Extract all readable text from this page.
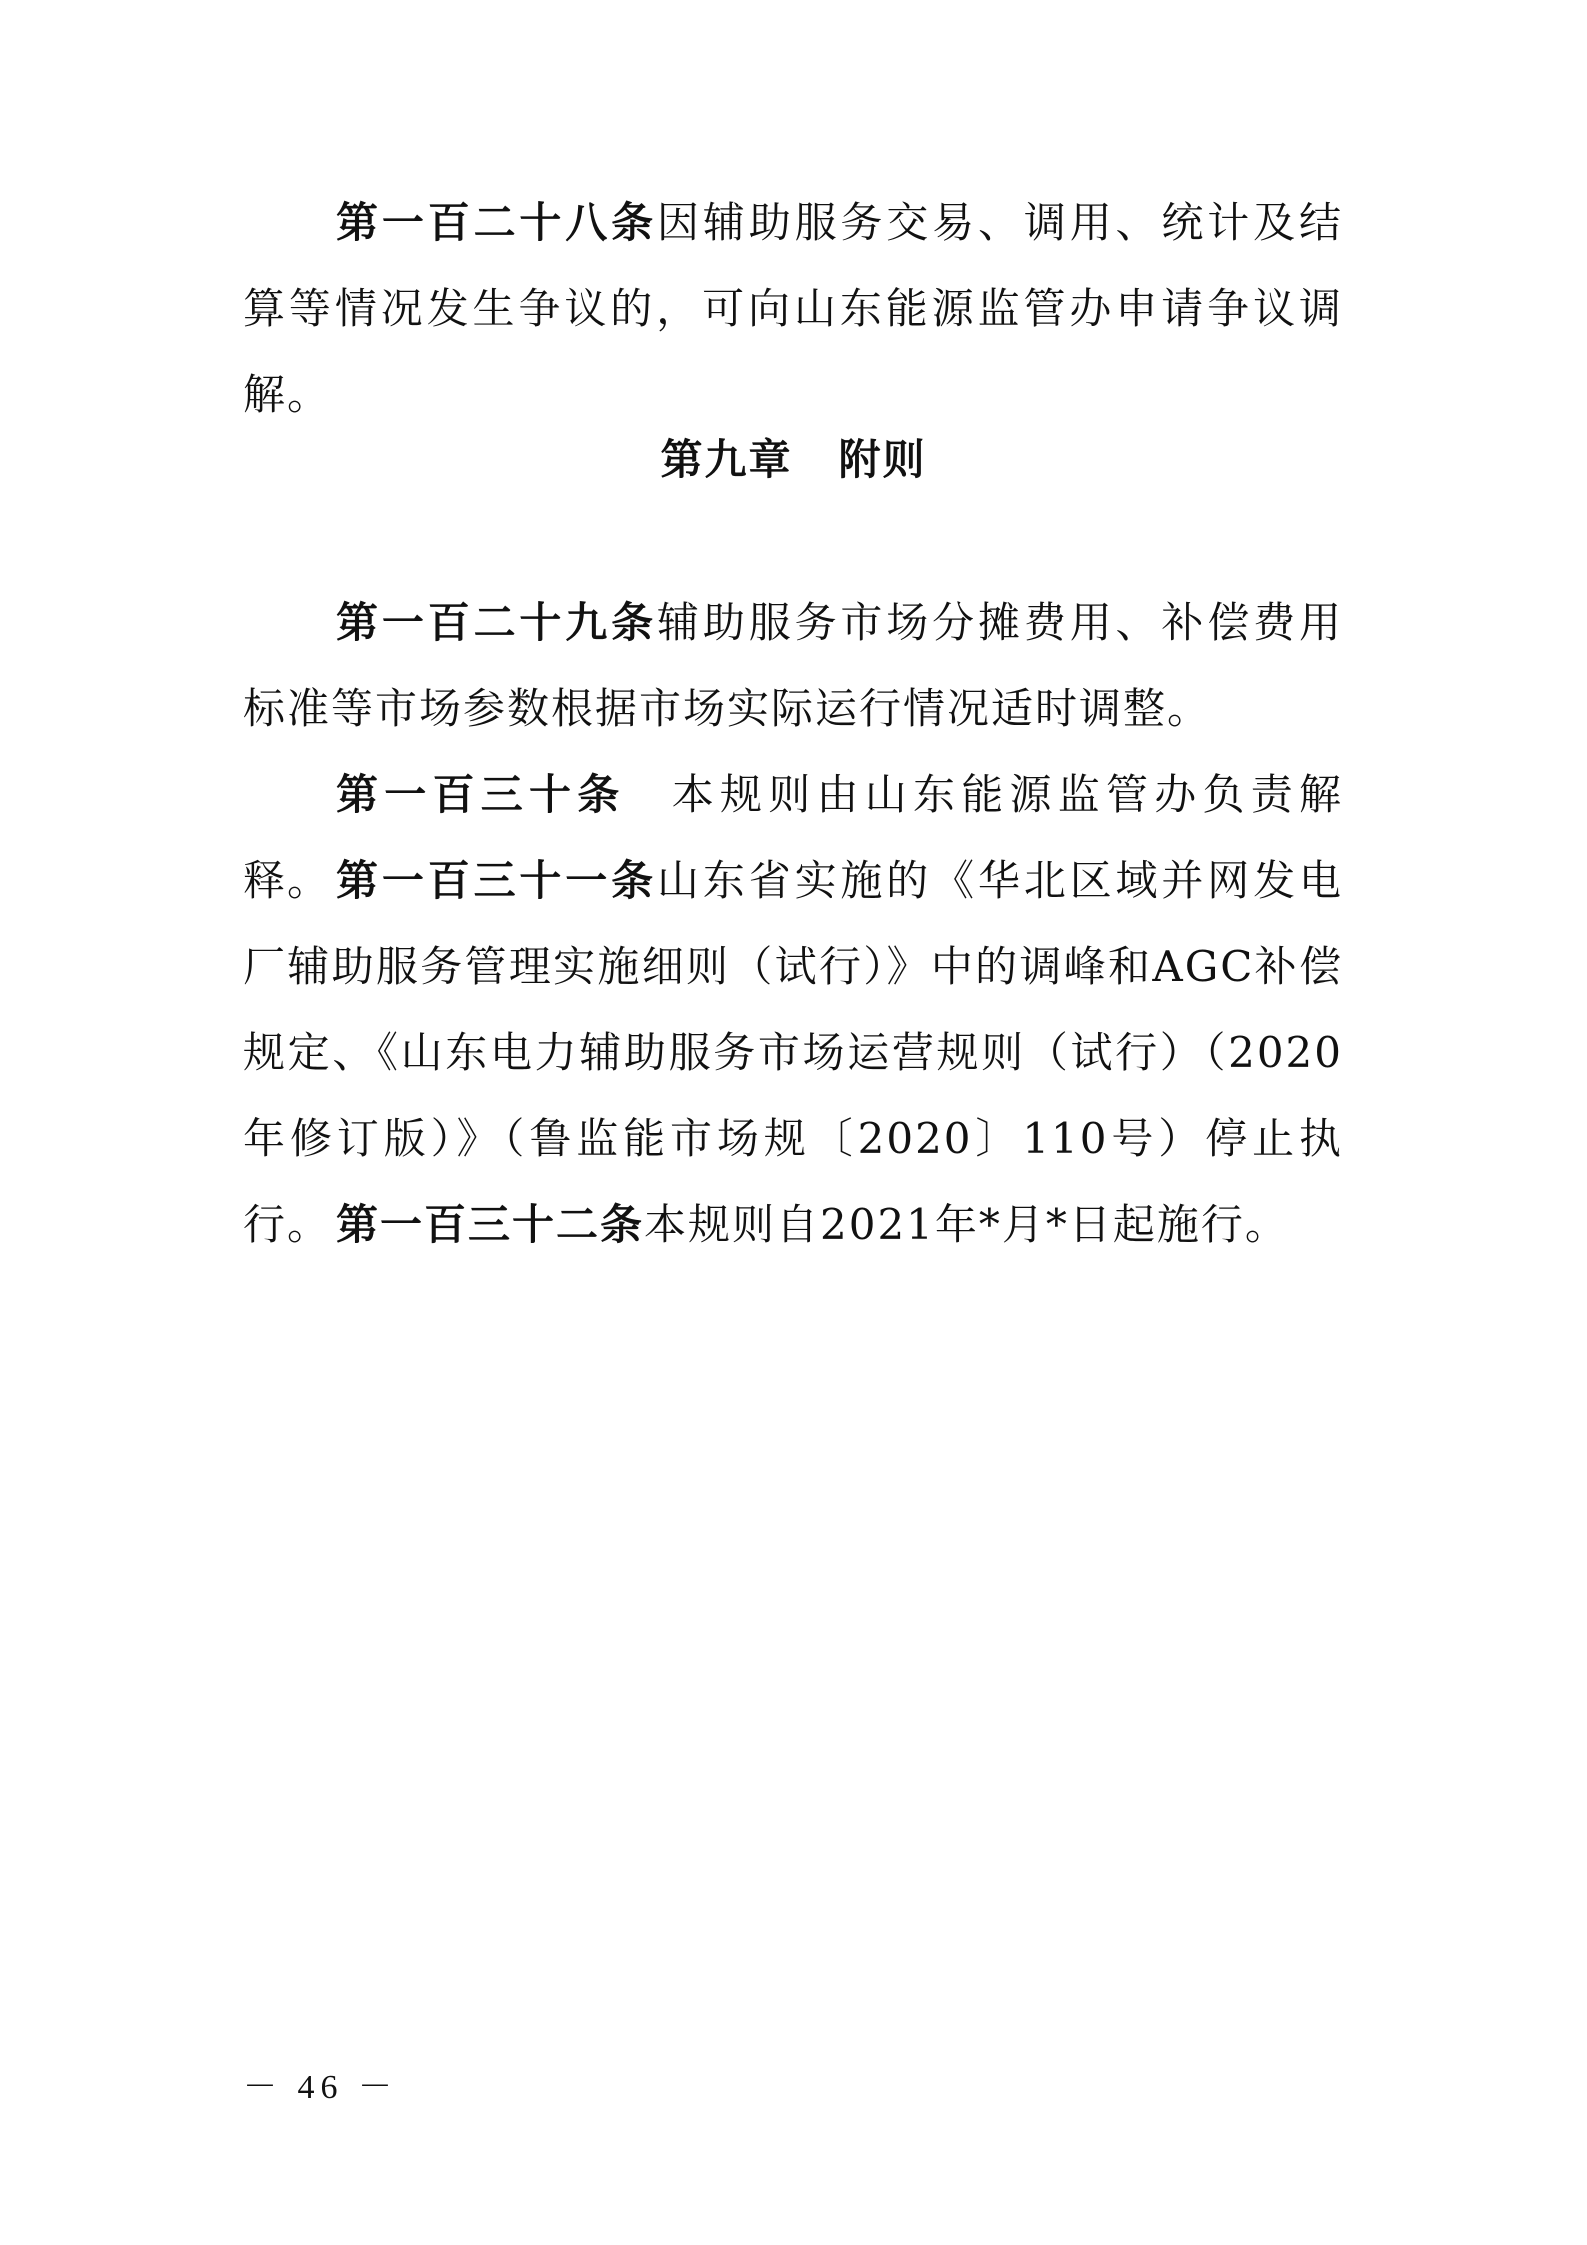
第一百二十八条因辅助服务交易、调用、统计及结算等情况发生争议的，可向山东能源监管办申请争议调解。

第九章 附则

第一百二十九条辅助服务市场分摊费用、补偿费用标准等市场参数根据市场实际运行情况适时调整。

第一百三十条 本规则由山东能源监管办负责解释。 第一百三十一条山东省实施的《华北区域并网发电厂辅助服务管理实施细则（试行）》中的调峰和AGC补偿规定、《山东电力辅助服务市场运营规则（试行）（2020年修订版）》（鲁监能市场规〔2020〕110号）停止执行。 第一百三十二条本规则自2021年*月*日起施行。

－ 46 －
